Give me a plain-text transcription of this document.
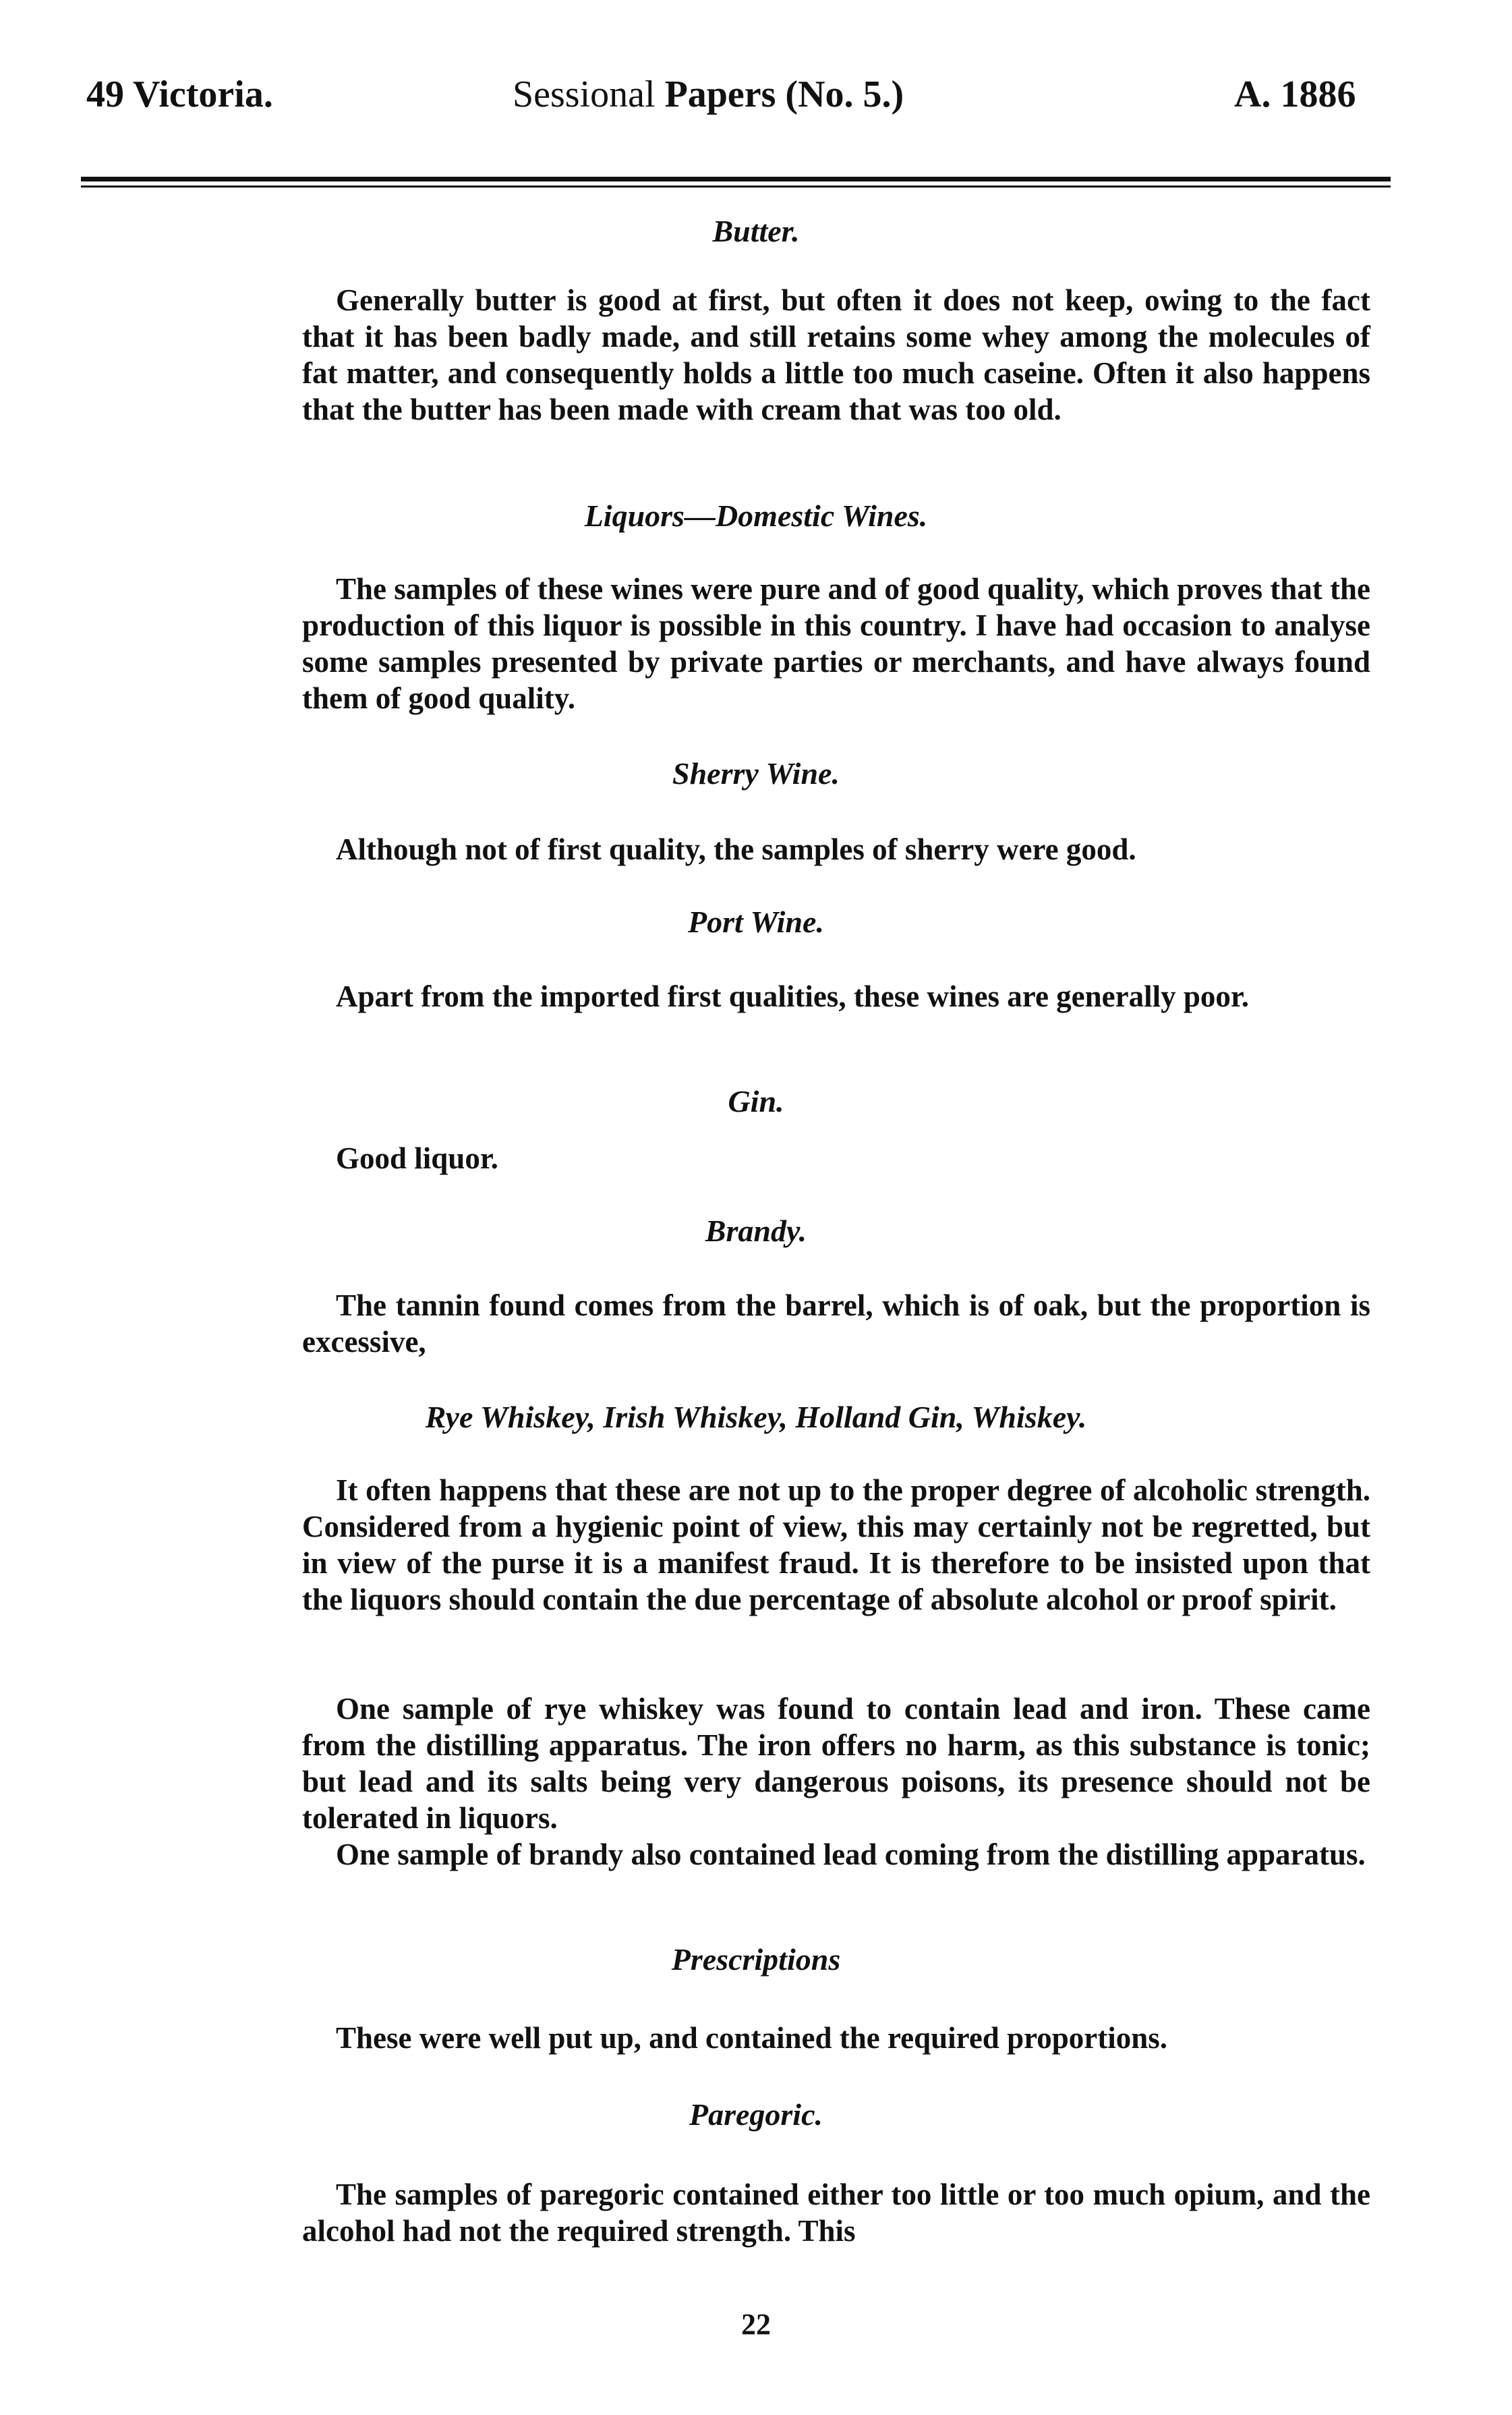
49 Victoria.	Sessional Papers (No. 5.)	A. 1886
Butter.
Generally butter is good at first, but often it does not keep, owing to the fact that it has been badly made, and still retains some whey among the molecules of fat matter, and consequently holds a little too much caseine. Often it also happens that the butter has been made with cream that was too old.
Liquors—Domestic Wines.
The samples of these wines were pure and of good quality, which proves that the production of this liquor is possible in this country. I have had occasion to analyse some samples presented by private parties or merchants, and have always found them of good quality.
Sherry Wine.
Although not of first quality, the samples of sherry were good.
Port Wine.
Apart from the imported first qualities, these wines are generally poor.
Gin.
Good liquor.
Brandy.
The tannin found comes from the barrel, which is of oak, but the proportion is excessive,
Rye Whiskey, Irish Whiskey, Holland Gin, Whiskey.
It often happens that these are not up to the proper degree of alcoholic strength. Considered from a hygienic point of view, this may certainly not be regretted, but in view of the purse it is a manifest fraud. It is therefore to be insisted upon that the liquors should contain the due percentage of absolute alcohol or proof spirit.
One sample of rye whiskey was found to contain lead and iron. These came from the distilling apparatus. The iron offers no harm, as this substance is tonic; but lead and its salts being very dangerous poisons, its presence should not be tolerated in liquors.
One sample of brandy also contained lead coming from the distilling apparatus.
Prescriptions
These were well put up, and contained the required proportions.
Paregoric.
The samples of paregoric contained either too little or too much opium, and the alcohol had not the required strength. This
22
